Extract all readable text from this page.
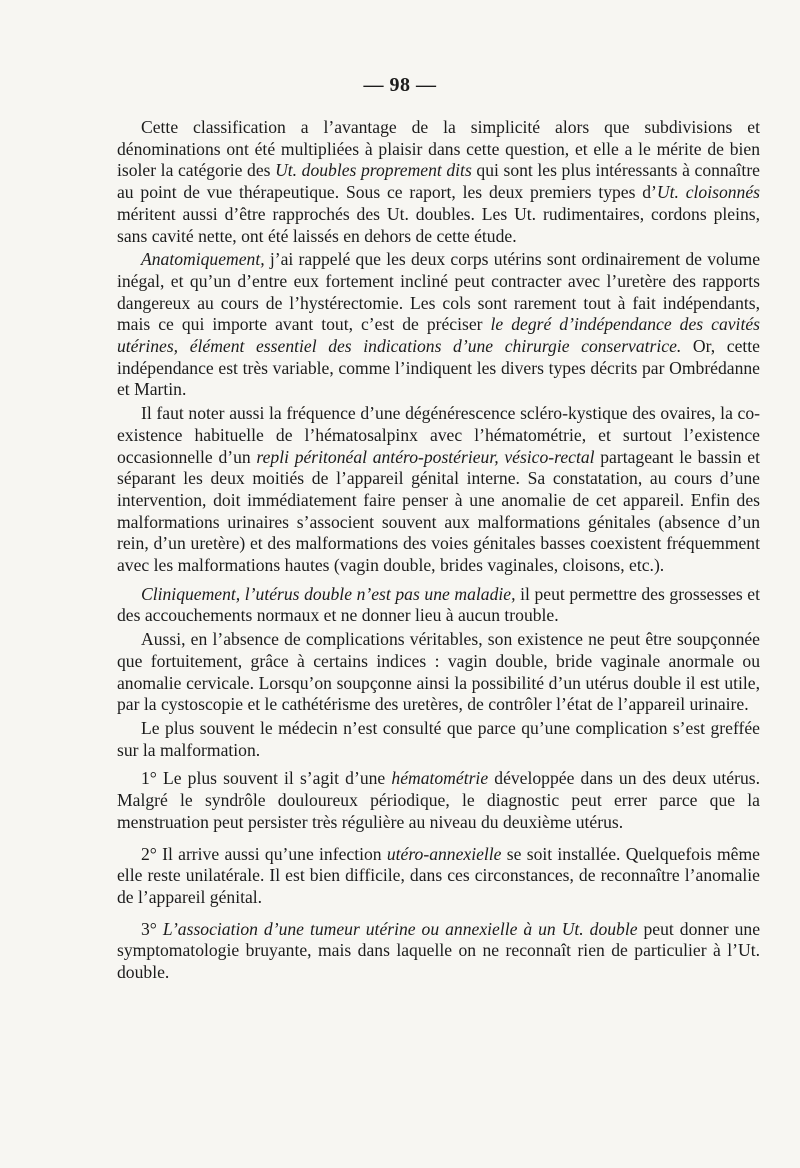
— 98 —

Cette classification a l’avantage de la simplicité alors que subdivisions et dénominations ont été multipliées à plaisir dans cette question, et elle a le mérite de bien isoler la catégorie des Ut. doubles proprement dits qui sont les plus intéressants à connaître au point de vue thérapeutique. Sous ce raport, les deux premiers types d’Ut. cloisonnés méritent aussi d’être rapprochés des Ut. doubles. Les Ut. rudimentaires, cordons pleins, sans cavité nette, ont été laissés en dehors de cette étude.

Anatomiquement, j’ai rappelé que les deux corps utérins sont ordinairement de volume inégal, et qu’un d’entre eux fortement incliné peut contracter avec l’uretère des rapports dangereux au cours de l’hystérectomie. Les cols sont rarement tout à fait indépendants, mais ce qui importe avant tout, c’est de préciser le degré d’indépendance des cavités utérines, élément essentiel des indications d’une chirurgie conservatrice. Or, cette indépendance est très variable, comme l’indiquent les divers types décrits par Ombrédanne et Martin.

Il faut noter aussi la fréquence d’une dégénérescence scléro-kystique des ovaires, la co-existence habituelle de l’hématosalpinx avec l’hématométrie, et surtout l’existence occasionnelle d’un repli péritonéal antéro-postérieur, vésico-rectal partageant le bassin et séparant les deux moitiés de l’appareil génital interne. Sa constatation, au cours d’une intervention, doit immédiatement faire penser à une anomalie de cet appareil. Enfin des malformations urinaires s’associent souvent aux malformations génitales (absence d’un rein, d’un uretère) et des malformations des voies génitales basses coexistent fréquemment avec les malformations hautes (vagin double, brides vaginales, cloisons, etc.).

Cliniquement, l’utérus double n’est pas une maladie, il peut permettre des grossesses et des accouchements normaux et ne donner lieu à aucun trouble.

Aussi, en l’absence de complications véritables, son existence ne peut être soupçonnée que fortuitement, grâce à certains indices : vagin double, bride vaginale anormale ou anomalie cervicale. Lorsqu’on soupçonne ainsi la possibilité d’un utérus double il est utile, par la cystoscopie et le cathétérisme des uretères, de contrôler l’état de l’appareil urinaire.

Le plus souvent le médecin n’est consulté que parce qu’une complication s’est greffée sur la malformation.

1° Le plus souvent il s’agit d’une hématométrie développée dans un des deux utérus. Malgré le syndrôle douloureux périodique, le diagnostic peut errer parce que la menstruation peut persister très régulière au niveau du deuxième utérus.

2° Il arrive aussi qu’une infection utéro-annexielle se soit installée. Quelquefois même elle reste unilatérale. Il est bien difficile, dans ces circonstances, de reconnaître l’anomalie de l’appareil génital.

3° L’association d’une tumeur utérine ou annexielle à un Ut. double peut donner une symptomatologie bruyante, mais dans laquelle on ne reconnaît rien de particulier à l’Ut. double.
